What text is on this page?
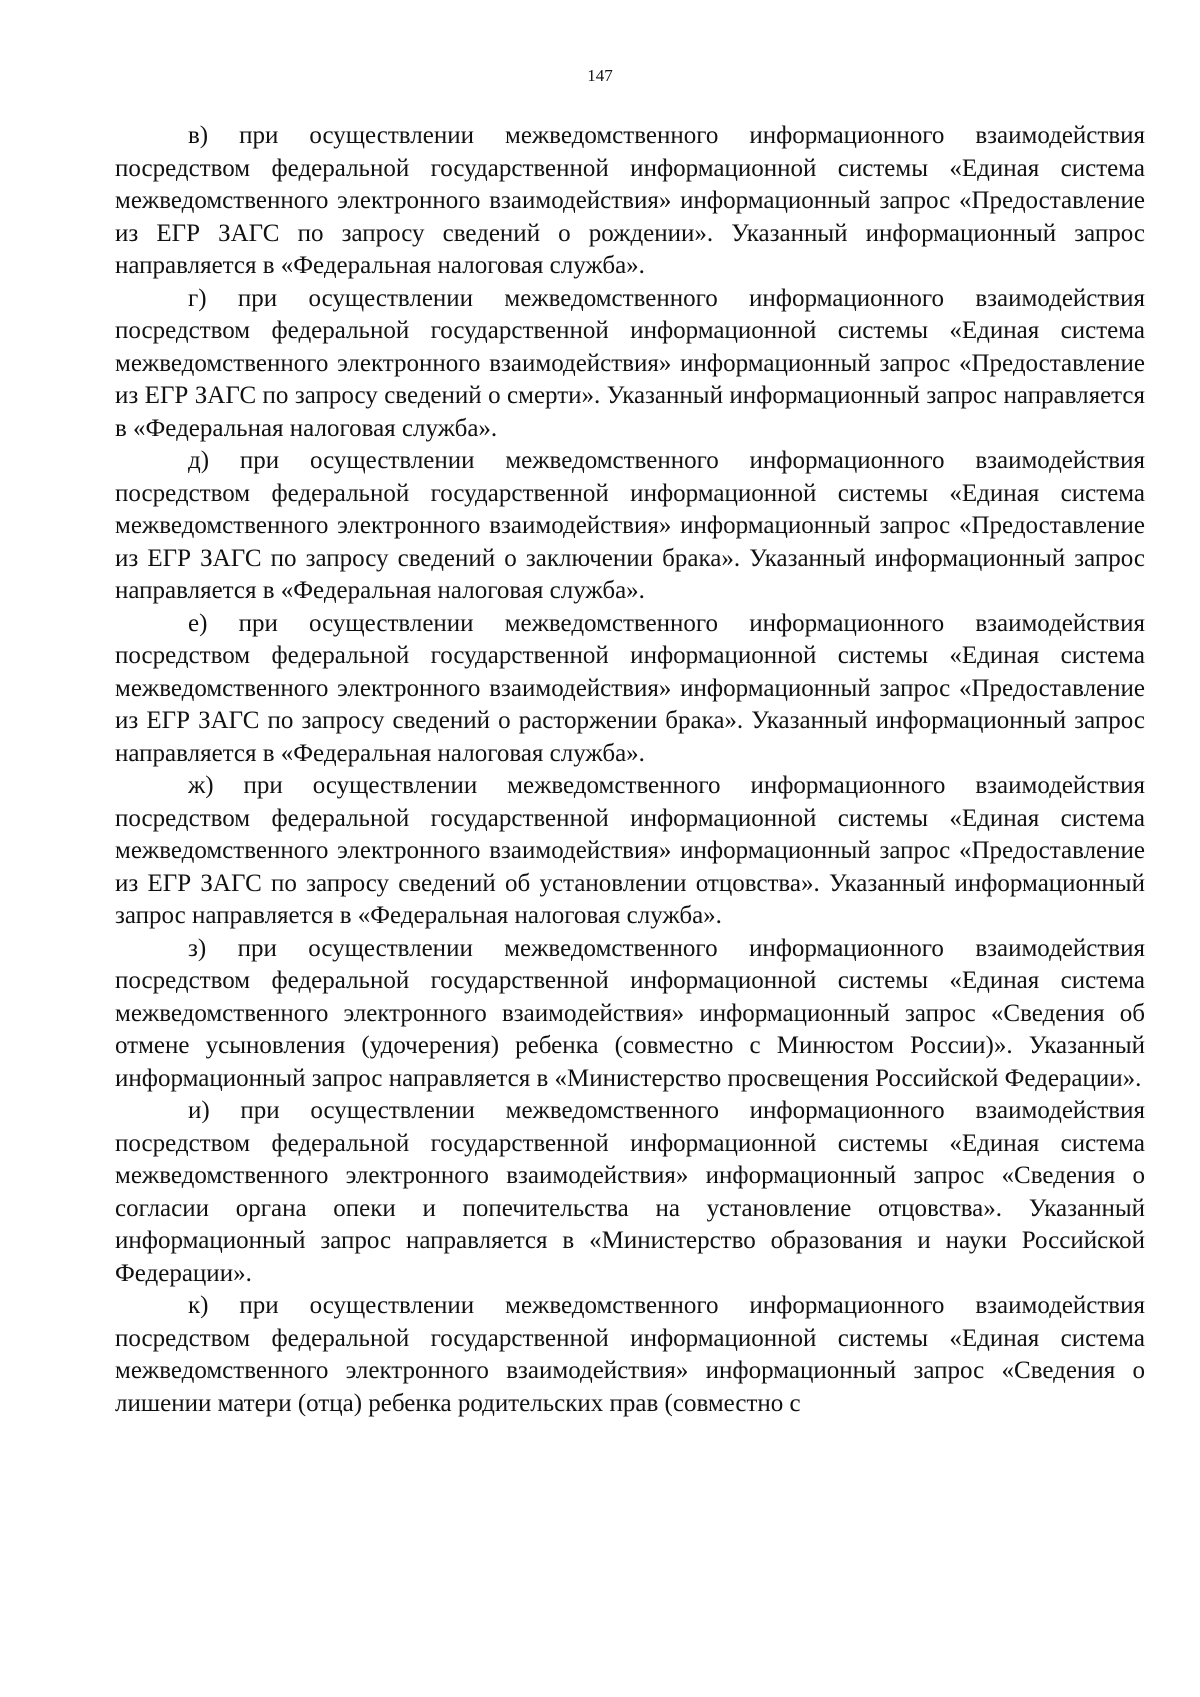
147

в) при осуществлении межведомственного информационного взаимодействия посредством федеральной государственной информационной системы «Единая система межведомственного электронного взаимодействия» информационный запрос «Предоставление из ЕГР ЗАГС по запросу сведений о рождении». Указанный информационный запрос направляется в «Федеральная налоговая служба».

г) при осуществлении межведомственного информационного взаимодействия посредством федеральной государственной информационной системы «Единая система межведомственного электронного взаимодействия» информационный запрос «Предоставление из ЕГР ЗАГС по запросу сведений о смерти». Указанный информационный запрос направляется в «Федеральная налоговая служба».

д) при осуществлении межведомственного информационного взаимодействия посредством федеральной государственной информационной системы «Единая система межведомственного электронного взаимодействия» информационный запрос «Предоставление из ЕГР ЗАГС по запросу сведений о заключении брака». Указанный информационный запрос направляется в «Федеральная налоговая служба».

е) при осуществлении межведомственного информационного взаимодействия посредством федеральной государственной информационной системы «Единая система межведомственного электронного взаимодействия» информационный запрос «Предоставление из ЕГР ЗАГС по запросу сведений о расторжении брака». Указанный информационный запрос направляется в «Федеральная налоговая служба».

ж) при осуществлении межведомственного информационного взаимодействия посредством федеральной государственной информационной системы «Единая система межведомственного электронного взаимодействия» информационный запрос «Предоставление из ЕГР ЗАГС по запросу сведений об установлении отцовства». Указанный информационный запрос направляется в «Федеральная налоговая служба».

з) при осуществлении межведомственного информационного взаимодействия посредством федеральной государственной информационной системы «Единая система межведомственного электронного взаимодействия» информационный запрос «Сведения об отмене усыновления (удочерения) ребенка (совместно с Минюстом России)». Указанный информационный запрос направляется в «Министерство просвещения Российской Федерации».

и) при осуществлении межведомственного информационного взаимодействия посредством федеральной государственной информационной системы «Единая система межведомственного электронного взаимодействия» информационный запрос «Сведения о согласии органа опеки и попечительства на установление отцовства». Указанный информационный запрос направляется в «Министерство образования и науки Российской Федерации».

к) при осуществлении межведомственного информационного взаимодействия посредством федеральной государственной информационной системы «Единая система межведомственного электронного взаимодействия» информационный запрос «Сведения о лишении матери (отца) ребенка родительских прав (совместно с
